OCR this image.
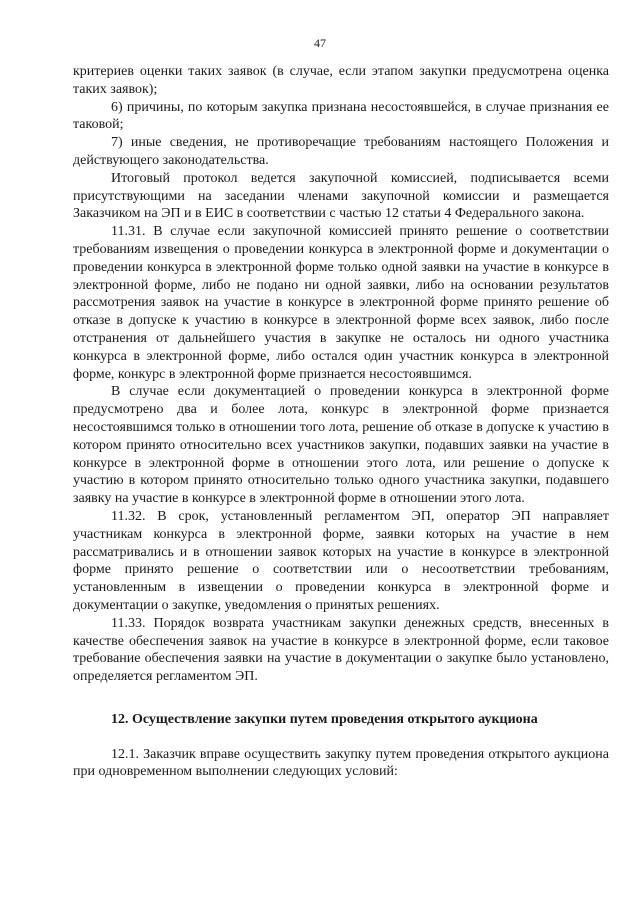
47

критериев оценки таких заявок (в случае, если этапом закупки предусмотрена оценка таких заявок);

6) причины, по которым закупка признана несостоявшейся, в случае признания ее таковой;

7) иные сведения, не противоречащие требованиям настоящего Положения и действующего законодательства.

Итоговый протокол ведется закупочной комиссией, подписывается всеми присутствующими на заседании членами закупочной комиссии и размещается Заказчиком на ЭП и в ЕИС в соответствии с частью 12 статьи 4 Федерального закона.

11.31. В случае если закупочной комиссией принято решение о соответствии требованиям извещения о проведении конкурса в электронной форме и документации о проведении конкурса в электронной форме только одной заявки на участие в конкурсе в электронной форме, либо не подано ни одной заявки, либо на основании результатов рассмотрения заявок на участие в конкурсе в электронной форме принято решение об отказе в допуске к участию в конкурсе в электронной форме всех заявок, либо после отстранения от дальнейшего участия в закупке не осталось ни одного участника конкурса в электронной форме, либо остался один участник конкурса в электронной форме, конкурс в электронной форме признается несостоявшимся.

В случае если документацией о проведении конкурса в электронной форме предусмотрено два и более лота, конкурс в электронной форме признается несостоявшимся только в отношении того лота, решение об отказе в допуске к участию в котором принято относительно всех участников закупки, подавших заявки на участие в конкурсе в электронной форме в отношении этого лота, или решение о допуске к участию в котором принято относительно только одного участника закупки, подавшего заявку на участие в конкурсе в электронной форме в отношении этого лота.

11.32. В срок, установленный регламентом ЭП, оператор ЭП направляет участникам конкурса в электронной форме, заявки которых на участие в нем рассматривались и в отношении заявок которых на участие в конкурсе в электронной форме принято решение о соответствии или о несоответствии требованиям, установленным в извещении о проведении конкурса в электронной форме и документации о закупке, уведомления о принятых решениях.

11.33. Порядок возврата участникам закупки денежных средств, внесенных в качестве обеспечения заявок на участие в конкурсе в электронной форме, если таковое требование обеспечения заявки на участие в документации о закупке было установлено, определяется регламентом ЭП.

12. Осуществление закупки путем проведения открытого аукциона

12.1. Заказчик вправе осуществить закупку путем проведения открытого аукциона при одновременном выполнении следующих условий:
